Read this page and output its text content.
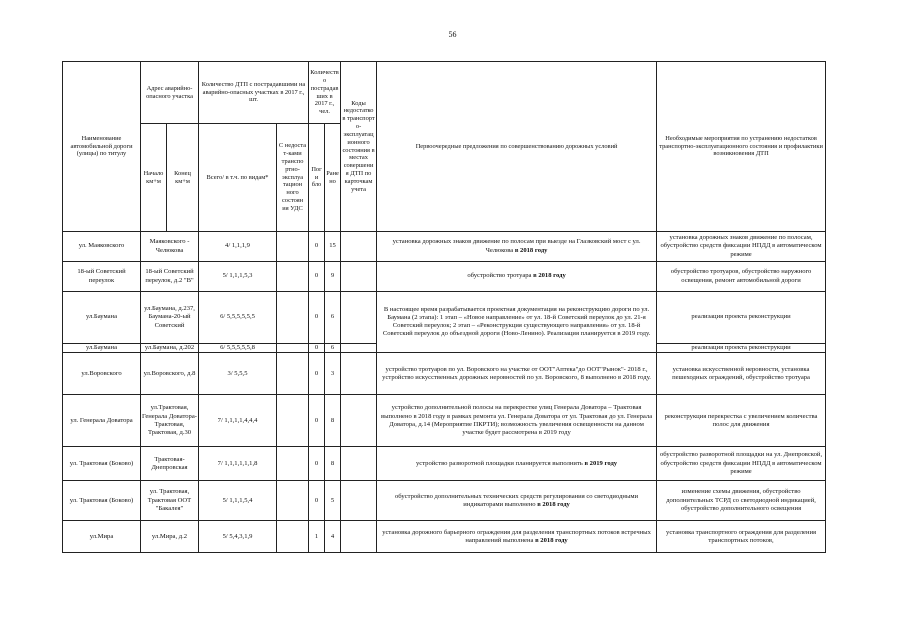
56
Наименование автомобильной дороги (улицы) по титулу	Адрес аварийно-опасного участка		Количество ДТП с пострадавшими на аварийно-опасных участках в 2017 г., шт.		Количеств о пострадав ших в 2017 г., чел.		Коды недостатко в транспорт о-эксплуатац ионного состояния в местах совершени я ДТП по карточкам учета	Первоочередные предложения по совершенствованию дорожных условий	Необходимые мероприятия по устранению недостатков транспортно-эксплуатационного состояния и профилактики возникновения ДТП
	Начало км+м	Конец км+м	Всего/ в т.ч. по видам*	С недоста т-ками транспо ртно-эксплуа тацион ного состоян ия УДС	Поги бло	Ране но			
ул. Маяковского	Маяковского - Челюкова		4/ 1,1,1,9		0	15		установка дорожных знаков движение по полосам при выезде на Глазковский мост с ул. Челюкова в 2018 году	установка дорожных знаков движение по полосам, обустройство средств фиксации НПДД в автоматическом режиме
18-ый Советский переулок	18-ый Советский переулок, д.2 "В"		5/ 1,1,1,5,3		0	9		обустройство тротуара в 2018 году	обустройство тротуаров, обустройство наружного освещения, ремонт автомобильной дороги
ул.Баумана	ул.Баумана, д.237, Баумана-20-ый Советский		6/ 5,5,5,5,5,5		0	6		В настоящее время разрабатывается проектная документация на реконструкцию дороги по ул. Баумана (2 этапа): 1 этап – «Новое направление» от ул. 18-й Советский переулок до ул. 21-я Советский переулок; 2 этап – «Реконструкция существующего направления» от ул. 18-й Советский переулок до объездной дороги (Ново-Ленино). Реализация планируется в 2019 году.	реализация проекта реконструкции
ул.Баумана	ул.Баумана, д.202		6/ 5,5,5,5,5,8		0	6			реализация проекта реконструкции
ул.Воровского	ул.Воровского, д.8		3/ 5,5,5		0	3		устройство тротуаров по ул. Воровского на участке от ООТ"Аптека"до ООТ"Рынок"- 2018 г., устройство искусственных дорожных неровностей по ул. Воровского, 8 выполнено в 2018 году.	установка искусственной неровности, установка пешеходных ограждений, обустройство тротуара
ул. Генерала Доватора	ул.Трактовая, Генерала Доватора-Трактовая, Трактовая, д.30		7/ 1,1,1,1,4,4,4		0	8		устройство дополнительной полосы на перекрестке улиц Генерала Доватора – Трактовая выполнено в 2018 году в рамках ремонта ул. Генерала Доватора от ул. Трактовая до ул. Генерала Доватора, д.14 (Мероприятие ПКРТИ); возможность увеличения освещенности на данном участке будет рассмотрена в 2019 году	реконструкция перекрестка с увеличением количества полос для движения
ул. Трактовая (Боково)	Трактовая-Днепровская		7/ 1,1,1,1,1,1,8		0	8		устройство разворотной площадки планируется выполнить в 2019 году	обустройство разворотной площадки на ул. Днепровской, обустройство средств фиксации НПДД в автоматическом режиме
ул. Трактовая (Боково)	ул. Трактовая, Трактовая ООТ "Бакалея"		5/ 1,1,1,5,4		0	5		обустройство дополнительных технических средств регулирования со светодиодными индикаторами выполнено в 2018 году	изменение схемы движения, обустройство дополнительных ТСРД со светодиодной индикацией, обустройство дополнительного освещения
ул.Мира	ул.Мира, д.2		5/ 5,4,3,1,9		1	4		установка дорожного барьерного ограждения для разделения транспортных потоков встречных направлений выполнена в 2018 году	установка транспортного ограждения для разделения транспортных потоков,
